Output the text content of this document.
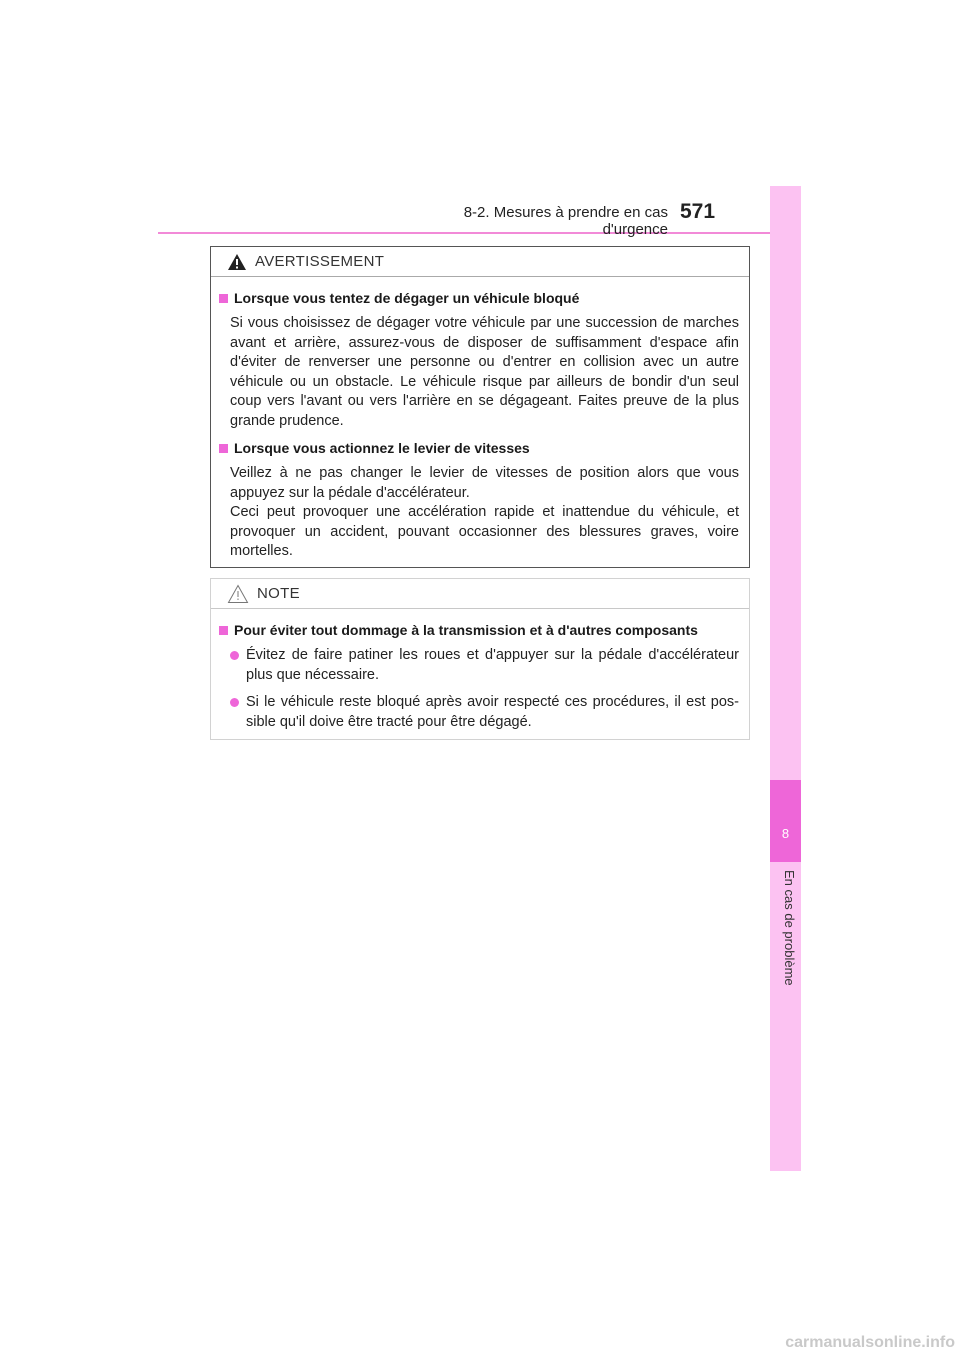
8-2. Mesures à prendre en cas d'urgence
571
8
En cas de problème
AVERTISSEMENT
Lorsque vous tentez de dégager un véhicule bloqué

Si vous choisissez de dégager votre véhicule par une succession de marches avant et arrière, assurez-vous de disposer de suffisamment d'espace afin d'éviter de renverser une personne ou d'entrer en collision avec un autre véhicule ou un obstacle. Le véhicule risque par ailleurs de bondir d'un seul coup vers l'avant ou vers l'arrière en se dégageant. Faites preuve de la plus grande prudence.

Lorsque vous actionnez le levier de vitesses

Veillez à ne pas changer le levier de vitesses de position alors que vous appuyez sur la pédale d'accélérateur.

Ceci peut provoquer une accélération rapide et inattendue du véhicule, et provoquer un accident, pouvant occasionner des blessures graves, voire mortelles.

NOTE
Pour éviter tout dommage à la transmission et à d'autres composants
Évitez de faire patiner les roues et d'appuyer sur la pédale d'accélérateur plus que nécessaire.
Si le véhicule reste bloqué après avoir respecté ces procédures, il est pos-sible qu'il doive être tracté pour être dégagé.
carmanualsonline.info
